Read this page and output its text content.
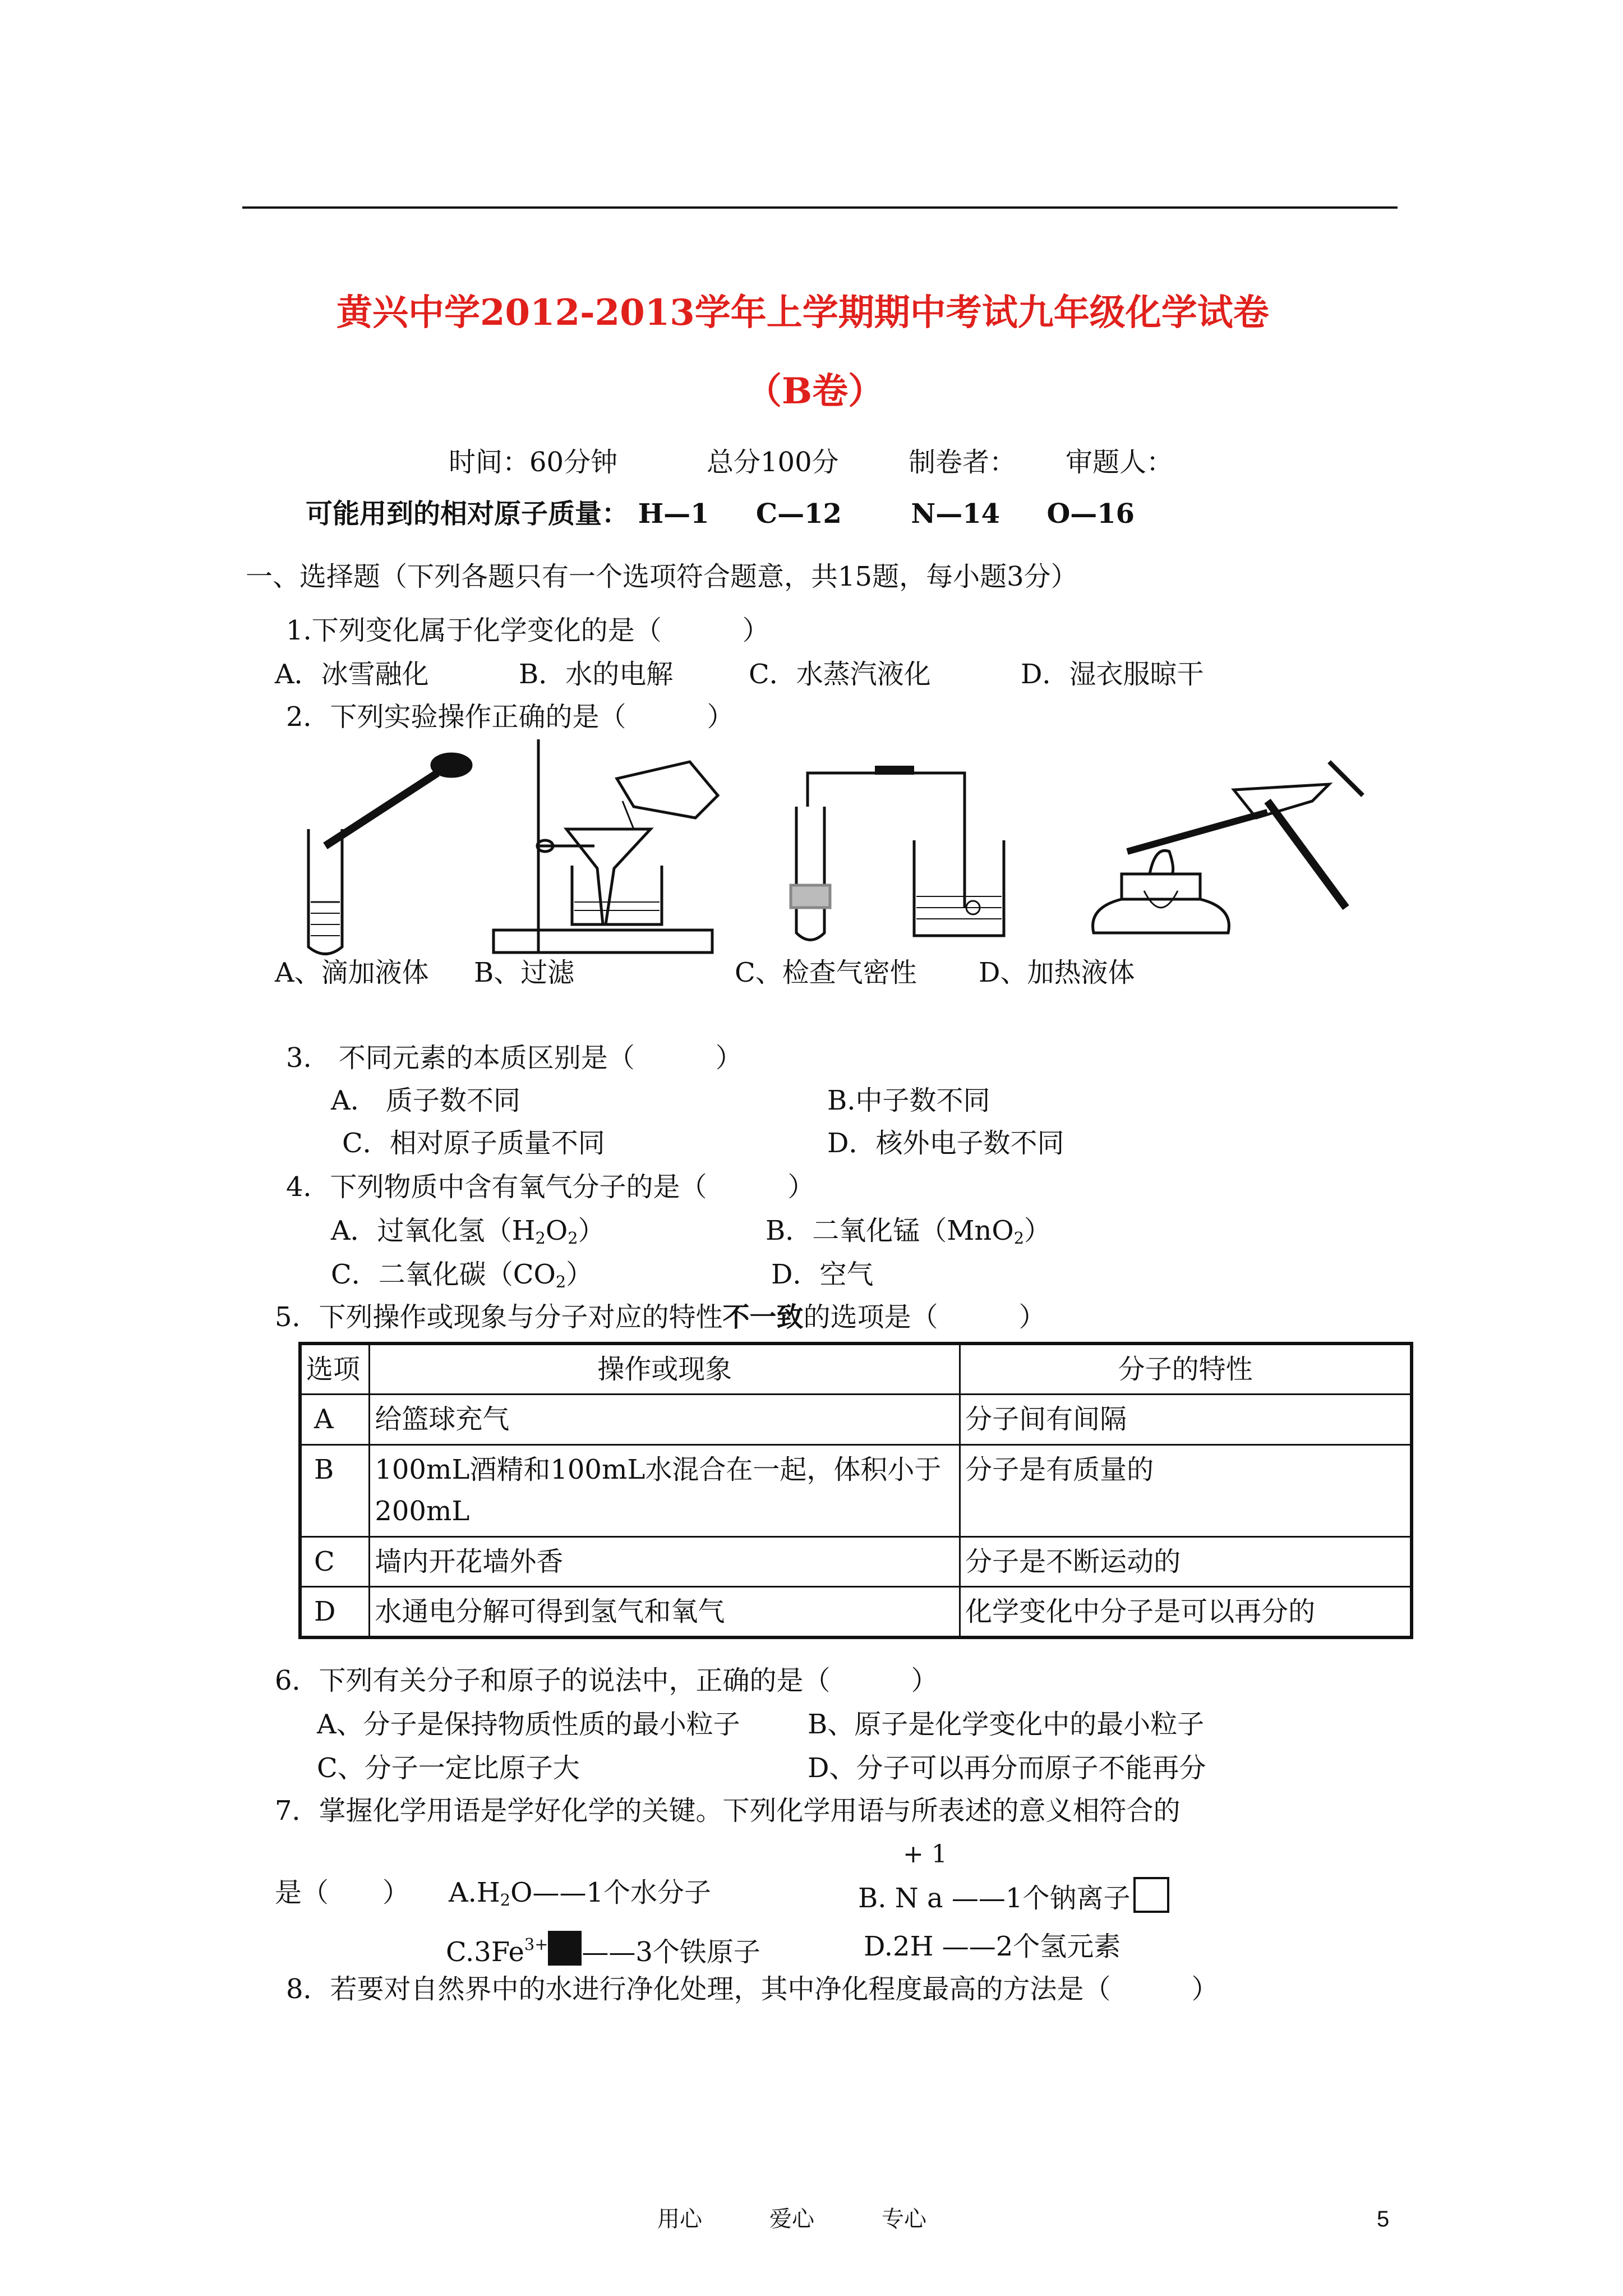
黄兴中学2012-2013学年上学期期中考试九年级化学试卷
（B卷）
时间：60分钟	总分100分	制卷者： 审题人：
可能用到的相对原子质量： H—1 C—12	N—14 O—16
一、选择题（下列各题只有一个选项符合题意，共15题，每小题3分）
1.下列变化属于化学变化的是（　　　）
A．冰雪融化	B．水的电解	C．水蒸汽液化	D．湿衣服晾干
2．下列实验操作正确的是（　　　）
A、滴加液体 B、过滤	C、检查气密性 D、加热液体
3.　不同元素的本质区别是（　　　）
A.　质子数不同	B.中子数不同
C．相对原子质量不同	D．核外电子数不同
4．下列物质中含有氧气分子的是（　　　）
A．过氧化氢$(H_2O_2)$	B．二氧化锰（MnO$_2$）
C．二氧化碳$(CO_2)$	D．空气
5．下列操作或现象与分子对应的特性不一致的选项是（　　　）
选项	操作或现象	分子的特性
A	给篮球充气	分子间有间隔
B	100mL酒精和100mL水混合在一起，体积小于200mL	分子是有质量的
C	墙内开花墙外香	分子是不断运动的
D	水通电分解可得到氢气和氧气	化学变化中分子是可以再分的
6．下列有关分子和原子的说法中，正确的是（　　　）
A、分子是保持物质性质的最小粒子	B、原子是化学变化中的最小粒子
C、分子一定比原子大	D、分子可以再分而原子不能再分
7．掌握化学用语是学好化学的关键。下列化学用语与所表述的意义相符合的
+ 1
是（　　） $A.H_2O——1$个水分子	B. N a ——1个钠离子
$C.3Fe^{3+}$ ——3个铁原子	D.2H ——2个氢元素
8．若要对自然界中的水进行净化处理，其中净化程度最高的方法是（　　　）
用心	爱心	专心	5
